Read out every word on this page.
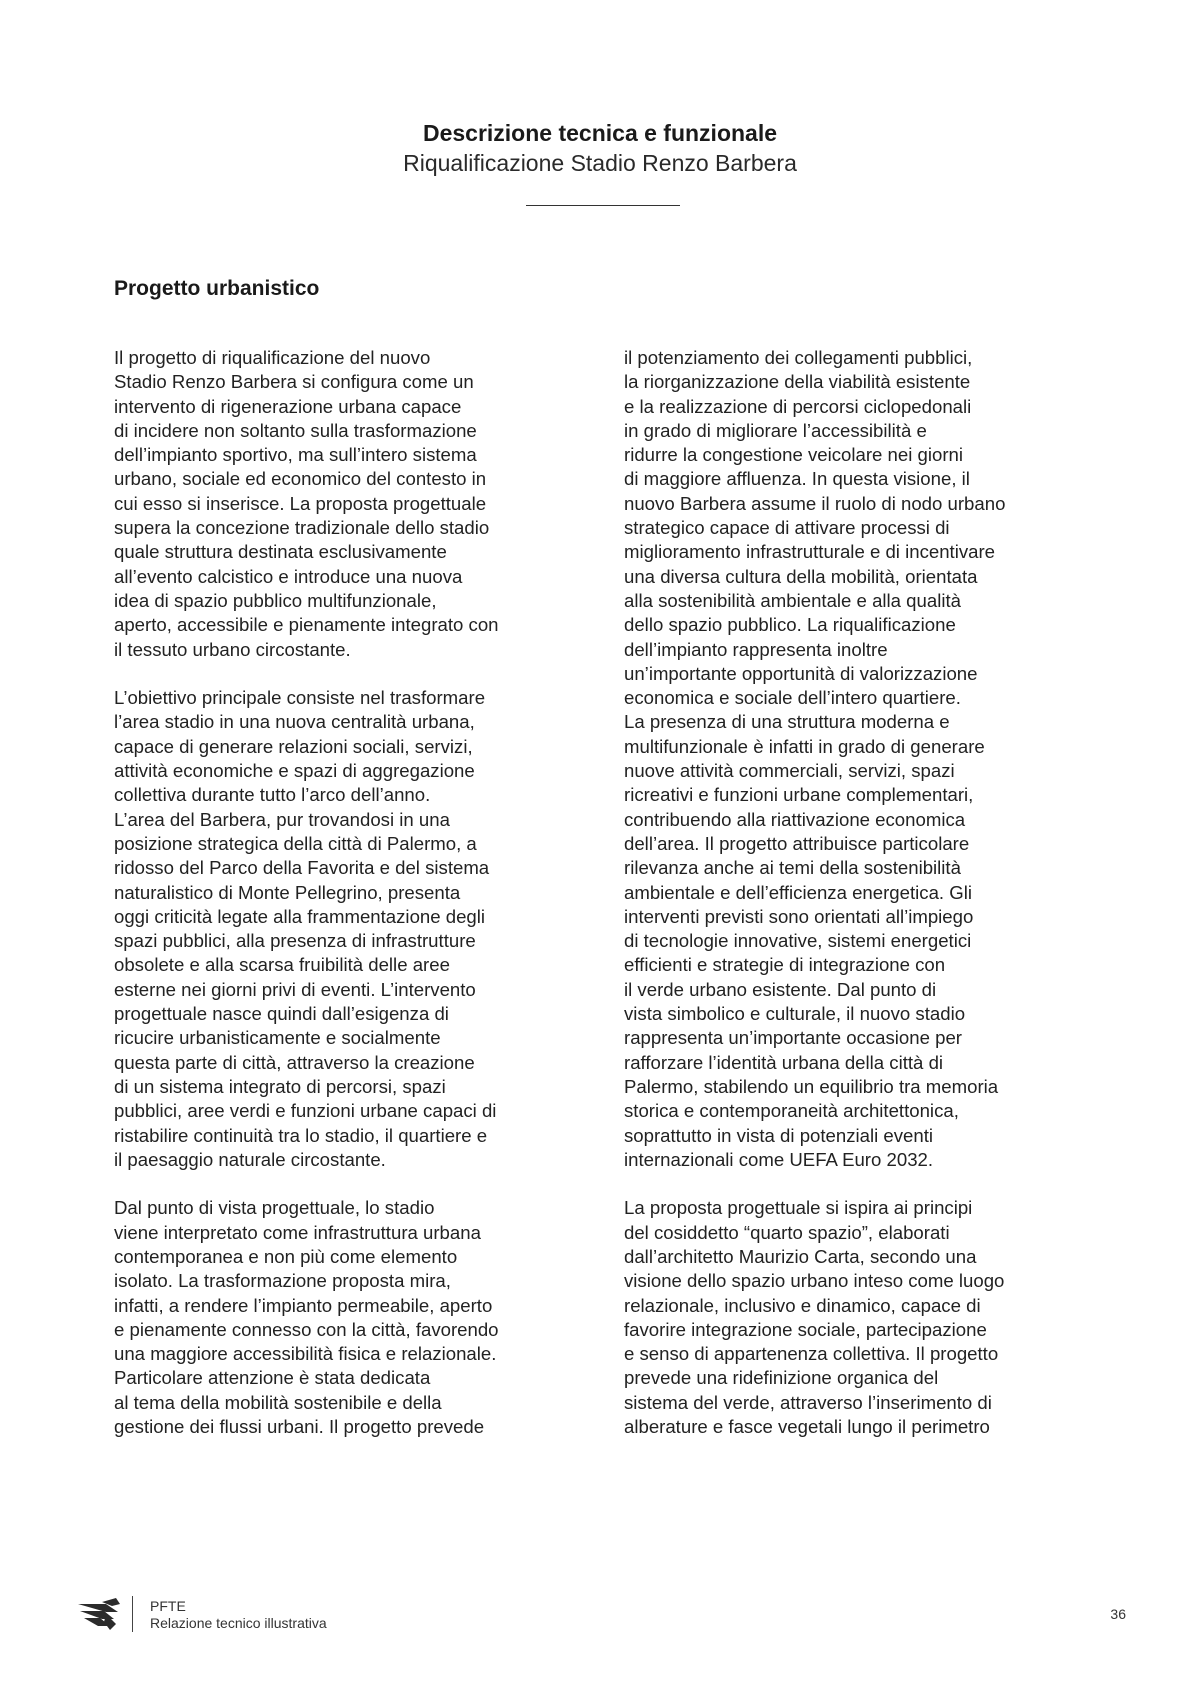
Descrizione tecnica e funzionale
Riqualificazione Stadio Renzo Barbera
Progetto urbanistico
Il progetto di riqualificazione del nuovo
Stadio Renzo Barbera si configura come un
intervento di rigenerazione urbana capace
di incidere non soltanto sulla trasformazione
dell’impianto sportivo, ma sull’intero sistema
urbano, sociale ed economico del contesto in
cui esso si inserisce. La proposta progettuale
supera la concezione tradizionale dello stadio
quale struttura destinata esclusivamente
all’evento calcistico e introduce una nuova
idea di spazio pubblico multifunzionale,
aperto, accessibile e pienamente integrato con
il tessuto urbano circostante.
L’obiettivo principale consiste nel trasformare
l’area stadio in una nuova centralità urbana,
capace di generare relazioni sociali, servizi,
attività economiche e spazi di aggregazione
collettiva durante tutto l’arco dell’anno.
L’area del Barbera, pur trovandosi in una
posizione strategica della città di Palermo, a
ridosso del Parco della Favorita e del sistema
naturalistico di Monte Pellegrino, presenta
oggi criticità legate alla frammentazione degli
spazi pubblici, alla presenza di infrastrutture
obsolete e alla scarsa fruibilità delle aree
esterne nei giorni privi di eventi. L’intervento
progettuale nasce quindi dall’esigenza di
ricucire urbanisticamente e socialmente
questa parte di città, attraverso la creazione
di un sistema integrato di percorsi, spazi
pubblici, aree verdi e funzioni urbane capaci di
ristabilire continuità tra lo stadio, il quartiere e
il paesaggio naturale circostante.
Dal punto di vista progettuale, lo stadio
viene interpretato come infrastruttura urbana
contemporanea e non più come elemento
isolato. La trasformazione proposta mira,
infatti, a rendere l’impianto permeabile, aperto
e pienamente connesso con la città, favorendo
una maggiore accessibilità fisica e relazionale.
Particolare attenzione è stata dedicata
al tema della mobilità sostenibile e della
gestione dei flussi urbani. Il progetto prevede
il potenziamento dei collegamenti pubblici,
la riorganizzazione della viabilità esistente
e la realizzazione di percorsi ciclopedonali
in grado di migliorare l’accessibilità e
ridurre la congestione veicolare nei giorni
di maggiore affluenza. In questa visione, il
nuovo Barbera assume il ruolo di nodo urbano
strategico capace di attivare processi di
miglioramento infrastrutturale e di incentivare
una diversa cultura della mobilità, orientata
alla sostenibilità ambientale e alla qualità
dello spazio pubblico. La riqualificazione
dell’impianto rappresenta inoltre
un’importante opportunità di valorizzazione
economica e sociale dell’intero quartiere.
La presenza di una struttura moderna e
multifunzionale è infatti in grado di generare
nuove attività commerciali, servizi, spazi
ricreativi e funzioni urbane complementari,
contribuendo alla riattivazione economica
dell’area. Il progetto attribuisce particolare
rilevanza anche ai temi della sostenibilità
ambientale e dell’efficienza energetica. Gli
interventi previsti sono orientati all’impiego
di tecnologie innovative, sistemi energetici
efficienti e strategie di integrazione con
il verde urbano esistente. Dal punto di
vista simbolico e culturale, il nuovo stadio
rappresenta un’importante occasione per
rafforzare l’identità urbana della città di
Palermo, stabilendo un equilibrio tra memoria
storica e contemporaneità architettonica,
soprattutto in vista di potenziali eventi
internazionali come UEFA Euro 2032.
La proposta progettuale si ispira ai principi
del cosiddetto “quarto spazio”, elaborati
dall’architetto Maurizio Carta, secondo una
visione dello spazio urbano inteso come luogo
relazionale, inclusivo e dinamico, capace di
favorire integrazione sociale, partecipazione
e senso di appartenenza collettiva. Il progetto
prevede una ridefinizione organica del
sistema del verde, attraverso l’inserimento di
alberature e fasce vegetali lungo il perimetro
PFTE
Relazione tecnico illustrativa
36
